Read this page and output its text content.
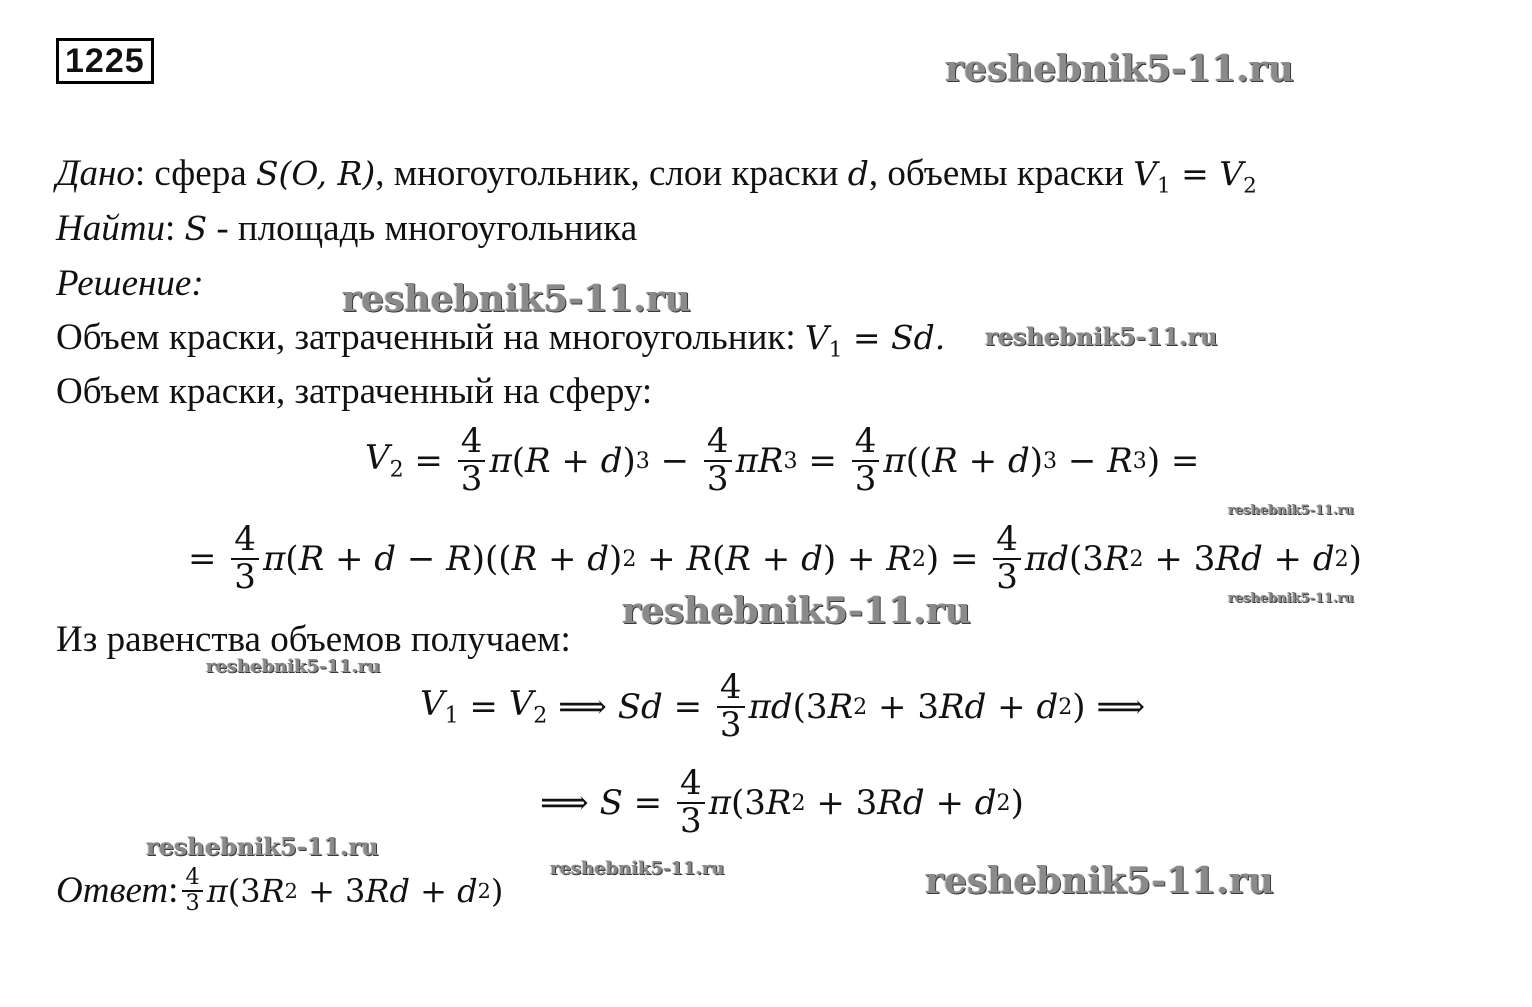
1225	reshebnik5-11.ru
reshebnik5-11.ru
reshebnik5-11.ru
reshebnik5-11.ru
reshebnik5-11.ru
reshebnik5-11.ru
reshebnik5-11.ru
reshebnik5-11.ru
reshebnik5-11.ru	reshebnik5-11.ru
Дано: сфера S(O, R), многоугольник, слои краски d, объемы краски $V_1 = V_2$
Найти: S - площадь многоугольника
Решение:
Объем краски, затраченный на многоугольник: $V_1 = Sd$.
Объем краски, затраченный на сферу:
$V_2 = \frac{4}{3}$ π ( R + d ) $3 - \frac{4}{3}$ πR $3 = \frac{4}{3}$ π (( R + d ) 3 − R 3 ) =
= $\frac{4}{3}$ π ( R + d − R )(( R + d ) 2 + R ( R + d ) + R 2 ) = $\frac{4}{3}$ πd (3 R 2 + 3 Rd + d 2 )
Из равенства объемов получаем:
$V_1 = V_2$ ⟹ $Sd = \frac{4}{3}$ πd (3 R 2 + 3 Rd + d 2 ) ⟹
⟹ $S = \frac{4}{3}$ π (3 R 2 + 3 Rd + d 2 )
Ответ : $\frac{4}{3}$ π (3 R 2 + 3 Rd + d 2 )
